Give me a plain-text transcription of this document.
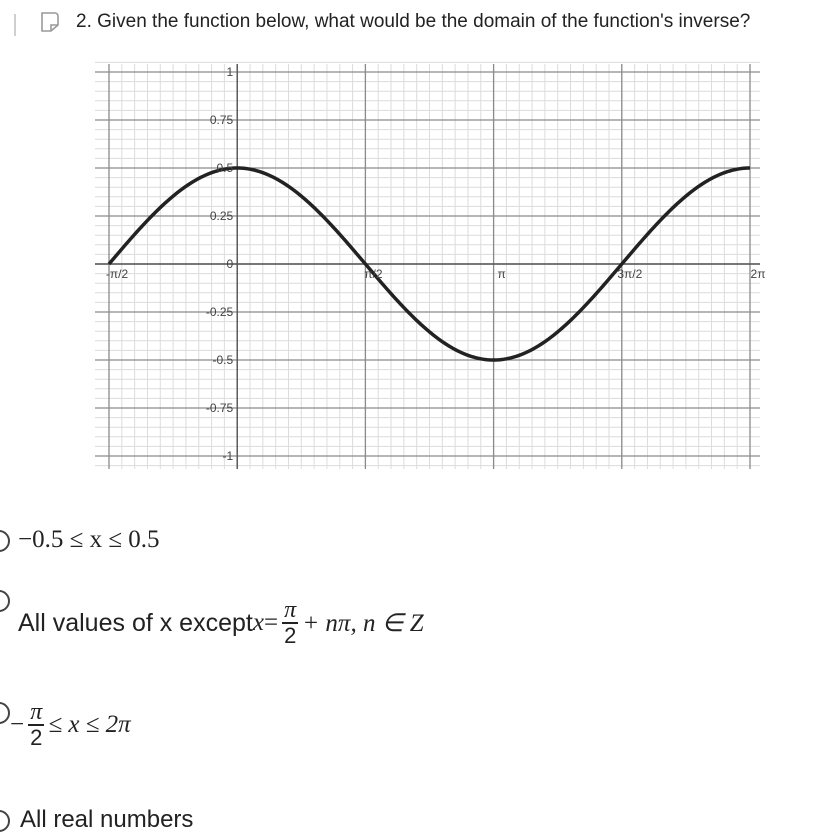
2. Given the function below, what would be the domain of the function's inverse?
-π/2	π/2	π	3π/2	2π
1
0.75
0.5
0.25
0
-0.25
-0.5
-0.75
-1
−0.5 ≤ x ≤ 0.5
All values of x except $x = \frac{\pi}{2} + n\pi$, n ∈ Z
− $\frac{\pi}{2} \le x \le 2\pi$
All real numbers
